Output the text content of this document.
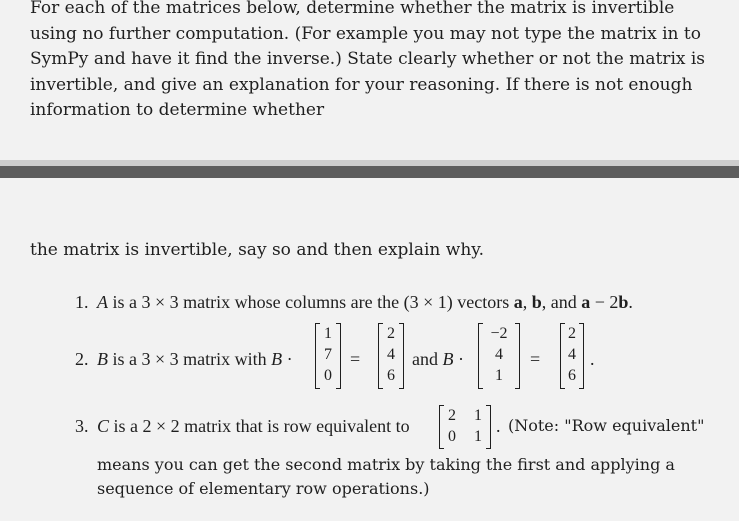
For each of the matrices below, determine whether the matrix is invertible using no further computation. (For example you may not type the matrix in to SymPy and have it find the inverse.) State clearly whether or not the matrix is invertible, and give an explanation for your reasoning. If there is not enough information to determine whether

the matrix is invertible, say so and then explain why.

1. A is a 3 × 3 matrix whose columns are the (3 × 1) vectors a, b, and a − 2b.
2. B is a 3 × 3 matrix with B ·
1
7
0
=
2
4
6
and B ·
−2
4
1
=
2
4
6
.
3. C is a 2 × 2 matrix that is row equivalent to
2 1
0 1
. (Note: "Row equivalent"

means you can get the second matrix by taking the first and applying a sequence of elementary row operations.)
